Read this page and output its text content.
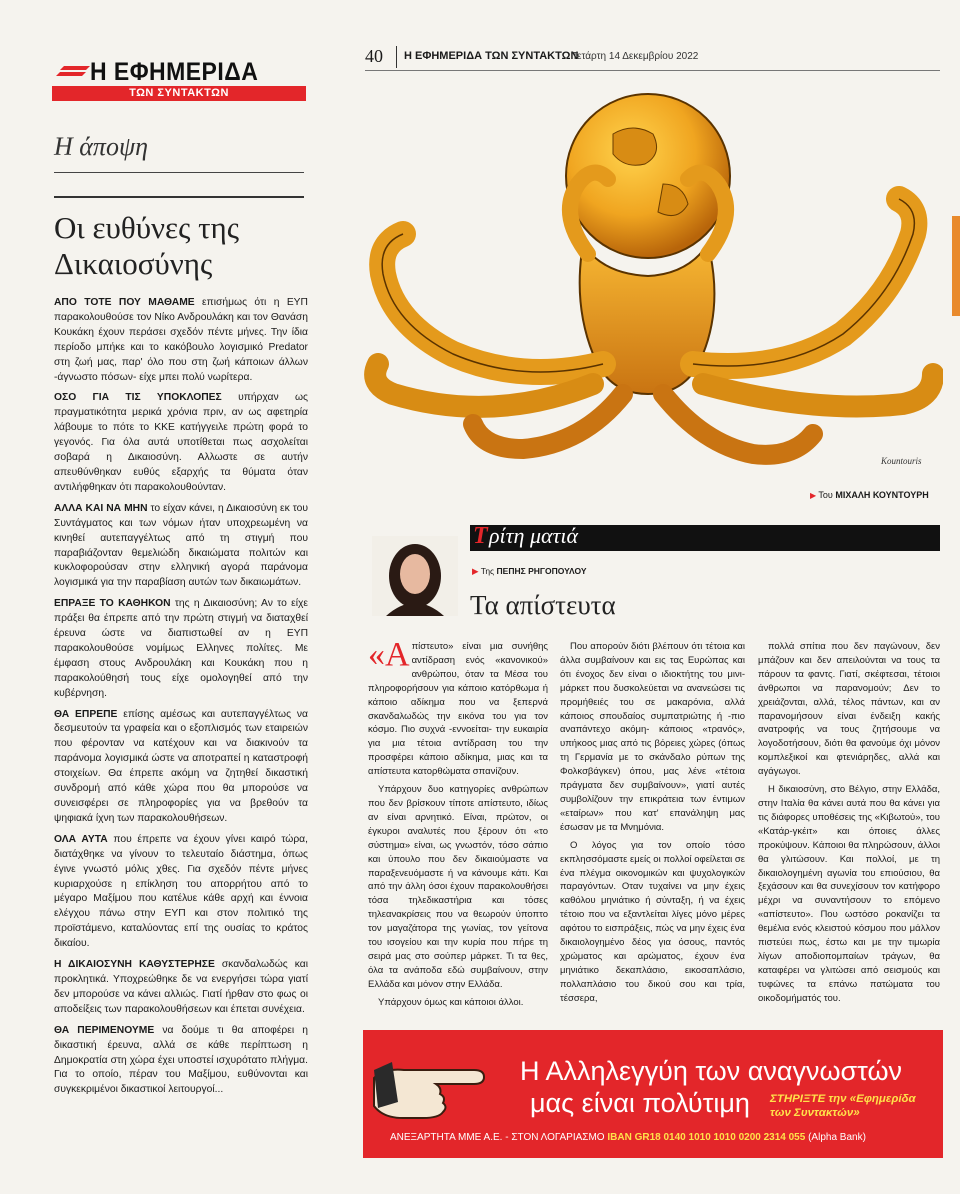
Η ΕΦΗΜΕΡΙΔΑ
ΤΩΝ ΣΥΝΤΑΚΤΩΝ
Η άποψη
Οι ευθύνες της Δικαιοσύνης

ΑΠΟ ΤΟΤΕ ΠΟΥ ΜΑΘΑΜΕ επισήμως ότι η ΕΥΠ παρακολουθούσε τον Νίκο Ανδρουλάκη και τον Θανάση Κουκάκη έχουν περάσει σχεδόν πέντε μήνες. Την ίδια περίοδο μπήκε και το κακόβουλο λογισμικό Predator στη ζωή μας, παρ' όλο που στη ζωή κάποιων άλλων -άγνωστο πόσων- είχε μπει πολύ νωρίτερα.

ΟΣΟ ΓΙΑ ΤΙΣ ΥΠΟΚΛΟΠΕΣ υπήρχαν ως πραγματικότητα μερικά χρόνια πριν, αν ως αφετηρία λάβουμε το πότε το ΚΚΕ κατήγγειλε πρώτη φορά το γεγονός. Για όλα αυτά υποτίθεται πως ασχολείται σοβαρά η Δικαιοσύνη. Αλλωστε σε αυτήν απευθύνθηκαν ευθύς εξαρχής τα θύματα όταν αντιλήφθηκαν ότι παρακολουθούνταν.

ΑΛΛΑ ΚΑΙ ΝΑ ΜΗΝ το είχαν κάνει, η Δικαιοσύνη εκ του Συντάγματος και των νόμων ήταν υποχρεωμένη να κινηθεί αυτεπαγγέλτως από τη στιγμή που παραβιάζονταν θεμελιώδη δικαιώματα πολιτών και κυκλοφορούσαν στην ελληνική αγορά παράνομα λογισμικά για την παραβίαση αυτών των δικαιωμάτων.

ΕΠΡΑΞΕ ΤΟ ΚΑΘΗΚΟΝ της η Δικαιοσύνη; Αν το είχε πράξει θα έπρεπε από την πρώτη στιγμή να διαταχθεί έρευνα ώστε να διαπιστωθεί αν η ΕΥΠ παρακολουθούσε νομίμως Ελληνες πολίτες. Με έμφαση στους Ανδρουλάκη και Κουκάκη που η παρακολούθησή τους είχε ομολογηθεί από την κυβέρνηση.

ΘΑ ΕΠΡΕΠΕ επίσης αμέσως και αυτεπαγγέλτως να δεσμευτούν τα γραφεία και ο εξοπλισμός των εταιρειών που φέρονταν να κατέχουν και να διακινούν τα παράνομα λογισμικά ώστε να αποτραπεί η καταστροφή στοιχείων. Θα έπρεπε ακόμη να ζητηθεί δικαστική συνδρομή από κάθε χώρα που θα μπορούσε να συνεισφέρει σε πληροφορίες για να βρεθούν τα ψηφιακά ίχνη των παρακολουθήσεων.

ΟΛΑ ΑΥΤΑ που έπρεπε να έχουν γίνει καιρό τώρα, διατάχθηκε να γίνουν το τελευταίο διάστημα, όπως έγινε γνωστό μόλις χθες. Για σχεδόν πέντε μήνες κυριαρχούσε η επίκληση του απορρήτου από το μέγαρο Μαξίμου που κατέλυε κάθε αρχή και έννοια ελέγχου πάνω στην ΕΥΠ και στον πολιτικό της προϊστάμενο, καταλύοντας επί της ουσίας το κράτος δικαίου.

Η ΔΙΚΑΙΟΣΥΝΗ ΚΑΘΥΣΤΕΡΗΣΕ σκανδαλωδώς και προκλητικά. Υποχρεώθηκε δε να ενεργήσει τώρα γιατί δεν μπορούσε να κάνει αλλιώς. Γιατί ήρθαν στο φως οι αποδείξεις των παρακολουθήσεων και έπεται συνέχεια.

ΘΑ ΠΕΡΙΜΕΝΟΥΜΕ να δούμε τι θα αποφέρει η δικαστική έρευνα, αλλά σε κάθε περίπτωση η Δημοκρατία στη χώρα έχει υποστεί ισχυρότατο πλήγμα. Για το οποίο, πέραν του Μαξίμου, ευθύνονται και συγκεκριμένοι δικαστικοί λειτουργοί...

40 Η ΕΦΗΜΕΡΙΔΑ ΤΩΝ ΣΥΝΤΑΚΤΩΝ
Τετάρτη 14 Δεκεμβρίου 2022
Kountouris
▶ Του ΜΙΧΑΛΗ ΚΟΥΝΤΟΥΡΗ
Τ ρίτη ματιά
▶ Της ΠΕΠΗΣ ΡΗΓΟΠΟΥΛΟΥ
Τα απίστευτα

«Απίστευτο» είναι μια συνήθης αντίδραση ενός «κανονικού» ανθρώπου, όταν τα Μέσα του πληροφορήσουν για κάποιο κατόρθωμα ή κάποιο αδίκημα που να ξεπερνά σκανδαλωδώς την εικόνα του για τον κόσμο. Πιο συχνά -εννοείται- την ευκαιρία για μια τέτοια αντίδραση του την προσφέρει κάποιο αδίκημα, μιας και τα απίστευτα κατορθώματα σπανίζουν.

Υπάρχουν δυο κατηγορίες ανθρώπων που δεν βρίσκουν τίποτε απίστευτο, ιδίως αν είναι αρνητικό. Είναι, πρώτον, οι έγκυροι αναλυτές που ξέρουν ότι «το σύστημα» είναι, ως γνωστόν, τόσο σάπιο και ύπουλο που δεν δικαιούμαστε να παραξενευόμαστε ή να κάνουμε κάτι. Και από την άλλη όσοι έχουν παρακολουθήσει τόσα τηλεδικαστήρια και τόσες τηλεανακρίσεις που να θεωρούν ύποπτο τον μαγαζάτορα της γωνίας, τον γείτονα του ισογείου και την κυρία που πήρε τη σειρά μας στο σούπερ μάρκετ. Τι τα θες, όλα τα ανάποδα εδώ συμβαίνουν, στην Ελλάδα και μόνον στην Ελλάδα.

Υπάρχουν όμως και κάποιοι άλλοι.

Που απορούν διότι βλέπουν ότι τέτοια και άλλα συμβαίνουν και εις τας Ευρώπας και ότι ένοχος δεν είναι ο ιδιοκτήτης του μινι-μάρκετ που δυσκολεύεται να ανανεώσει τις προμήθειές του σε μακαρόνια, αλλά κάποιος σπουδαίος συμπατριώτης ή -πιο αναπάντεχο ακόμη- κάποιος «τρανός», υπήκοος μιας από τις βόρειες χώρες (όπως τη Γερμανία με το σκάνδαλο ρύπων της Φολκσβάγκεν) όπου, μας λένε «τέτοια πράγματα δεν συμβαίνουν», γιατί αυτές συμβολίζουν την επικράτεια των έντιμων «εταίρων» που κατ' επανάληψη μας έσωσαν με τα Μνημόνια.

Ο λόγος για τον οποίο τόσο εκπλησσόμαστε εμείς οι πολλοί οφείλεται σε ένα πλέγμα οικονομικών και ψυχολογικών παραγόντων. Οταν τυχαίνει να μην έχεις καθόλου μηνιάτικο ή σύνταξη, ή να έχεις τέτοιο που να εξαντλείται λίγες μόνο μέρες αφότου το εισπράξεις, πώς να μην έχεις ένα δικαιολογημένο δέος για όσους, παντός χρώματος και αρώματος, έχουν ένα μηνιάτικο δεκαπλάσιο, εικοσαπλάσιο, πολλαπλάσιο του δικού σου και τρία, τέσσερα,

πολλά σπίτια που δεν παγώνουν, δεν μπάζουν και δεν απειλούνται να τους τα πάρουν τα φαντς. Γιατί, σκέφτεσαι, τέτοιοι άνθρωποι να παρανομούν; Δεν το χρειάζονται, αλλά, τέλος πάντων, και αν παρανομήσουν είναι ένδειξη κακής ανατροφής να τους ζητήσουμε να λογοδοτήσουν, διότι θα φανούμε όχι μόνον κομπλεξικοί και φτενιάρηδες, αλλά και αγάγωγοι.

Η δικαιοσύνη, στο Βέλγιο, στην Ελλάδα, στην Ιταλία θα κάνει αυτά που θα κάνει για τις διάφορες υποθέσεις της «Κιβωτού», του «Κατάρ-γκέιτ» και όποιες άλλες προκύψουν. Κάποιοι θα πληρώσουν, άλλοι θα γλιτώσουν. Και πολλοί, με τη δικαιολογημένη αγωνία του επιούσιου, θα ξεχάσουν και θα συνεχίσουν τον κατήφορο μέχρι να συναντήσουν το επόμενο «απίστευτο». Που ωστόσο ροκανίζει τα θεμέλια ενός κλειστού κόσμου που μάλλον πιστεύει πως, έστω και με την τιμωρία λίγων αποδιοπομπαίων τράγων, θα καταφέρει να γλιτώσει από σεισμούς και τυφώνες τα επάνω πατώματα του οικοδομήματός του.

Η Αλληλεγγύη των αναγνωστών
μας είναι πολύτιμη ΣΤΗΡΙΞΤΕ την «Εφημερίδα
των Συντακτών»
ΑΝΕΞΑΡΤΗΤΑ ΜΜΕ Α.Ε. - ΣΤΟΝ ΛΟΓΑΡΙΑΣΜΟ IBAN GR18 0140 1010 1010 0200 2314 055 (Alpha Bank)
